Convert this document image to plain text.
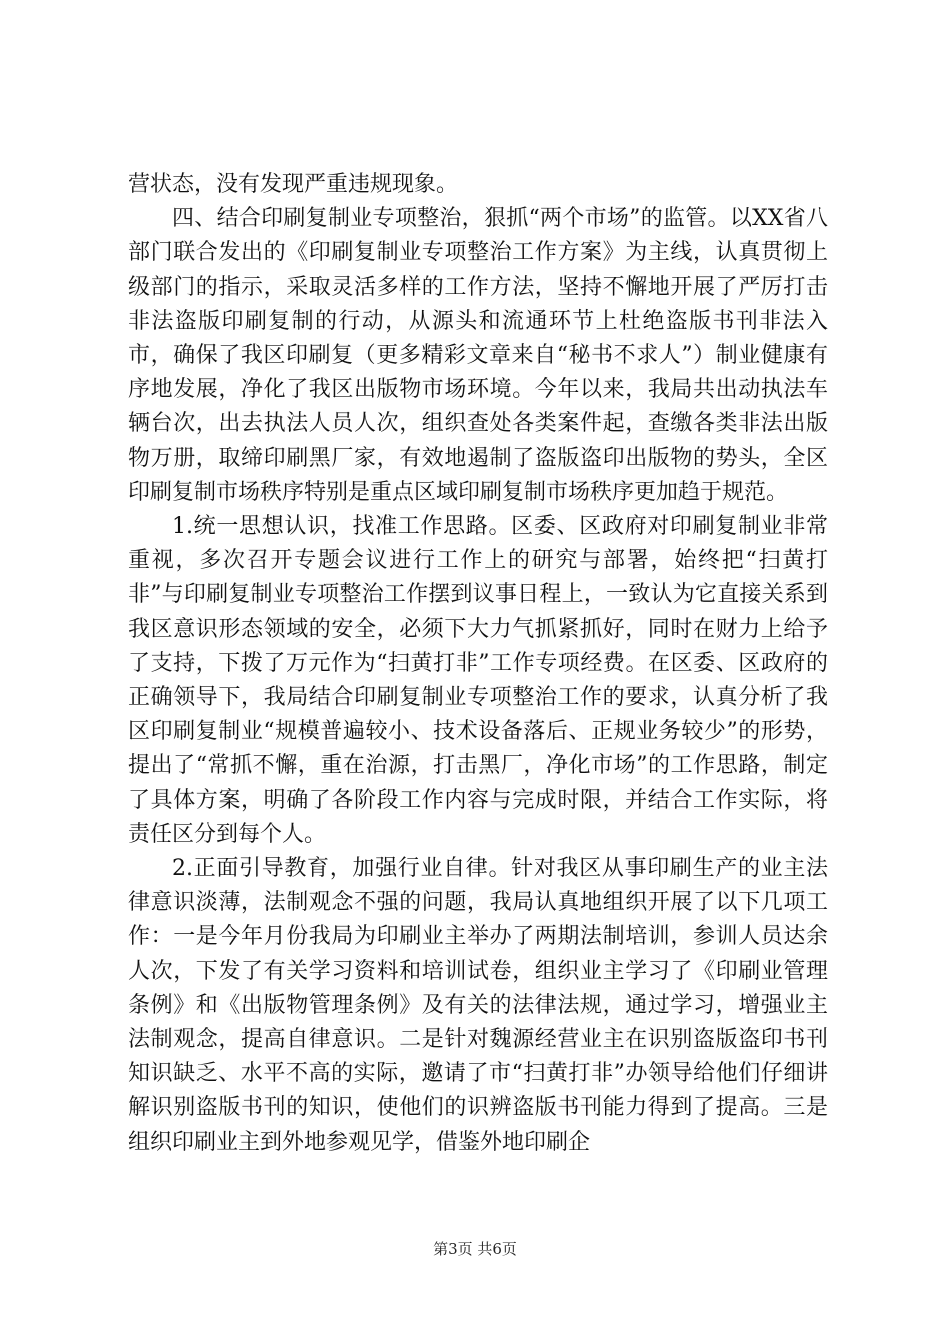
营状态，没有发现严重违规现象。

四、结合印刷复制业专项整治，狠抓“两个市场”的监管。以XX省八部门联合发出的《印刷复制业专项整治工作方案》为主线，认真贯彻上级部门的指示，采取灵活多样的工作方法，坚持不懈地开展了严厉打击非法盗版印刷复制的行动，从源头和流通环节上杜绝盗版书刊非法入市，确保了我区印刷复（更多精彩文章来自“秘书不求人”）制业健康有序地发展，净化了我区出版物市场环境。今年以来，我局共出动执法车辆台次，出去执法人员人次，组织查处各类案件起，查缴各类非法出版物万册，取缔印刷黑厂家，有效地遏制了盗版盗印出版物的势头，全区印刷复制市场秩序特别是重点区域印刷复制市场秩序更加趋于规范。

1.统一思想认识，找准工作思路。区委、区政府对印刷复制业非常重视，多次召开专题会议进行工作上的研究与部署，始终把“扫黄打非”与印刷复制业专项整治工作摆到议事日程上，一致认为它直接关系到我区意识形态领域的安全，必须下大力气抓紧抓好，同时在财力上给予了支持，下拨了万元作为“扫黄打非”工作专项经费。在区委、区政府的正确领导下，我局结合印刷复制业专项整治工作的要求，认真分析了我区印刷复制业“规模普遍较小、技术设备落后、正规业务较少”的形势，提出了“常抓不懈，重在治源，打击黑厂，净化市场”的工作思路，制定了具体方案，明确了各阶段工作内容与完成时限，并结合工作实际，将责任区分到每个人。

2.正面引导教育，加强行业自律。针对我区从事印刷生产的业主法律意识淡薄，法制观念不强的问题，我局认真地组织开展了以下几项工作：一是今年月份我局为印刷业主举办了两期法制培训，参训人员达余人次，下发了有关学习资料和培训试卷，组织业主学习了《印刷业管理条例》和《出版物管理条例》及有关的法律法规，通过学习，增强业主法制观念，提高自律意识。二是针对魏源经营业主在识别盗版盗印书刊知识缺乏、水平不高的实际，邀请了市“扫黄打非”办领导给他们仔细讲解识别盗版书刊的知识，使他们的识辨盗版书刊能力得到了提高。三是组织印刷业主到外地参观见学，借鉴外地印刷企

第3页 共6页
